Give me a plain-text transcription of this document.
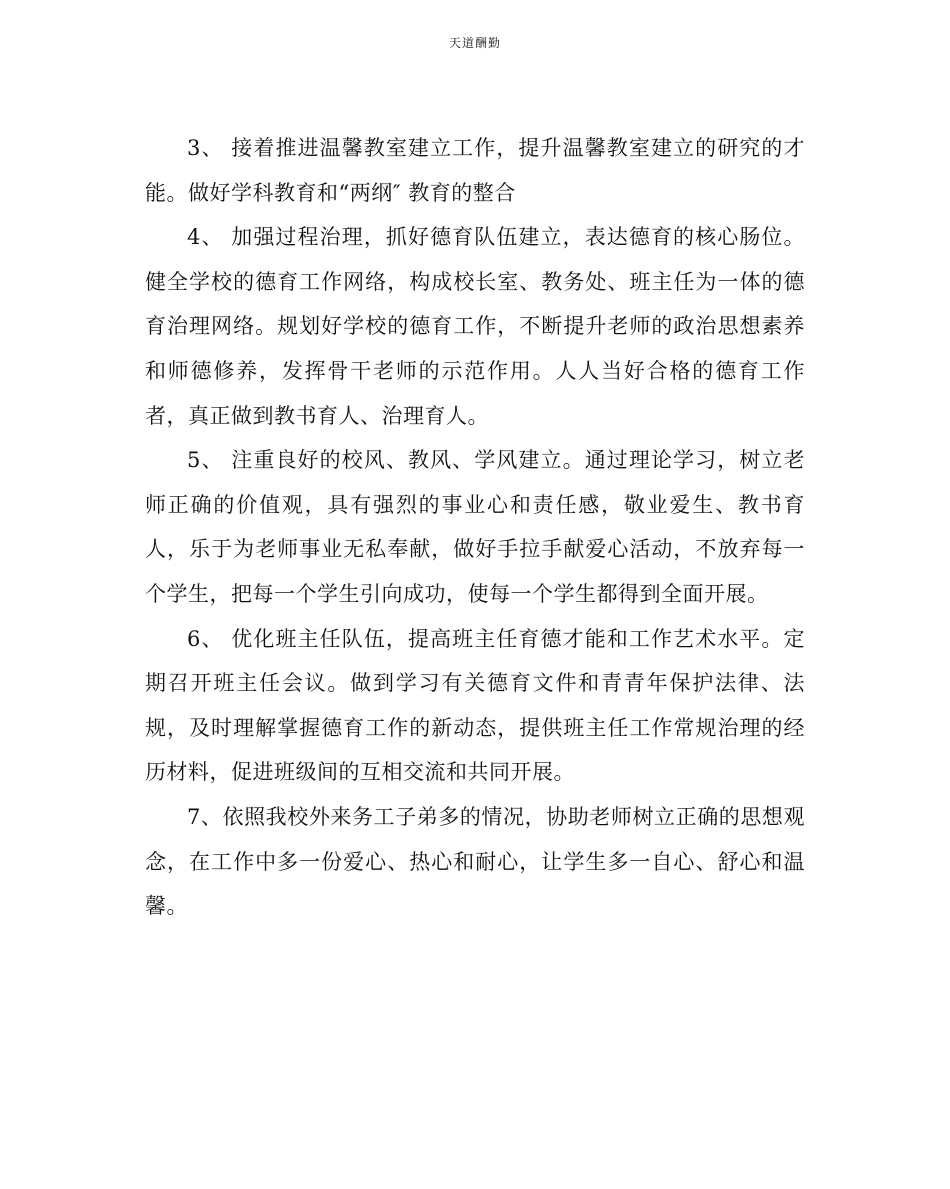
天道酬勤

3、 接着推进温馨教室建立工作，提升温馨教室建立的研究的才能。做好学科教育和“两纲″ 教育的整合

4、 加强过程治理，抓好德育队伍建立，表达德育的核心肠位。健全学校的德育工作网络，构成校长室、教务处、班主任为一体的德育治理网络。规划好学校的德育工作，不断提升老师的政治思想素养和师德修养，发挥骨干老师的示范作用。人人当好合格的德育工作者，真正做到教书育人、治理育人。

5、 注重良好的校风、教风、学风建立。通过理论学习，树立老师正确的价值观，具有强烈的事业心和责任感，敬业爱生、教书育人，乐于为老师事业无私奉献，做好手拉手献爱心活动，不放弃每一个学生，把每一个学生引向成功，使每一个学生都得到全面开展。

6、 优化班主任队伍，提高班主任育德才能和工作艺术水平。定期召开班主任会议。做到学习有关德育文件和青青年保护法律、法规，及时理解掌握德育工作的新动态，提供班主任工作常规治理的经历材料，促进班级间的互相交流和共同开展。

7、依照我校外来务工子弟多的情况，协助老师树立正确的思想观念，在工作中多一份爱心、热心和耐心，让学生多一自心、舒心和温馨。
